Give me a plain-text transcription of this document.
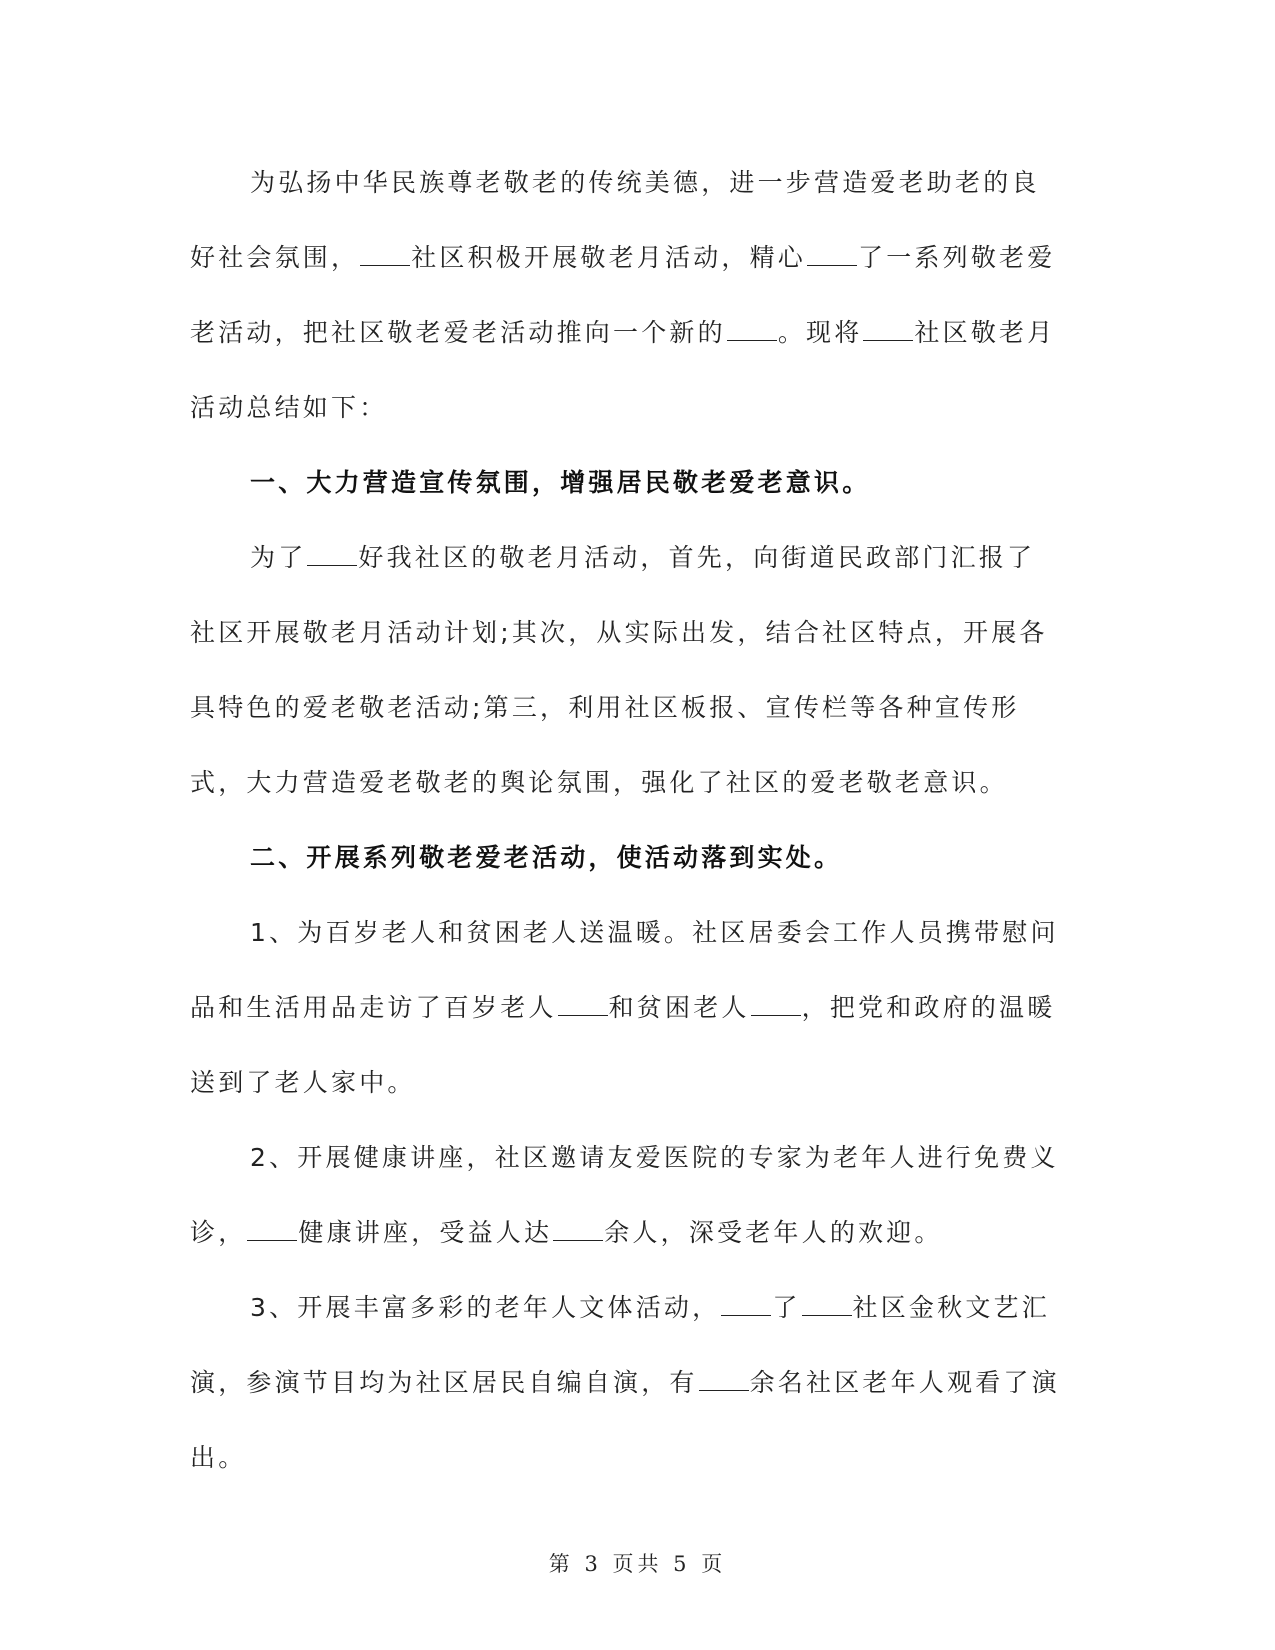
为弘扬中华民族尊老敬老的传统美德，进一步营造爱老助老的良
好社会氛围， 社区积极开展敬老月活动，精心 了一系列敬老爱
老活动，把社区敬老爱老活动推向一个新的 。现将 社区敬老月
活动总结如下：
一、大力营造宣传氛围，增强居民敬老爱老意识。
为了 好我社区的敬老月活动，首先，向街道民政部门汇报了
社区开展敬老月活动计划;其次，从实际出发，结合社区特点，开展各
具特色的爱老敬老活动;第三，利用社区板报、宣传栏等各种宣传形
式，大力营造爱老敬老的舆论氛围，强化了社区的爱老敬老意识。
二、开展系列敬老爱老活动，使活动落到实处。
1、为百岁老人和贫困老人送温暖。社区居委会工作人员携带慰问
品和生活用品走访了百岁老人 和贫困老人 ，把党和政府的温暖
送到了老人家中。
2、开展健康讲座，社区邀请友爱医院的专家为老年人进行免费义
诊， 健康讲座，受益人达 余人，深受老年人的欢迎。
3、开展丰富多彩的老年人文体活动， 了 社区金秋文艺汇
演，参演节目均为社区居民自编自演，有 余名社区老年人观看了演
出。
第 3 页共 5 页
